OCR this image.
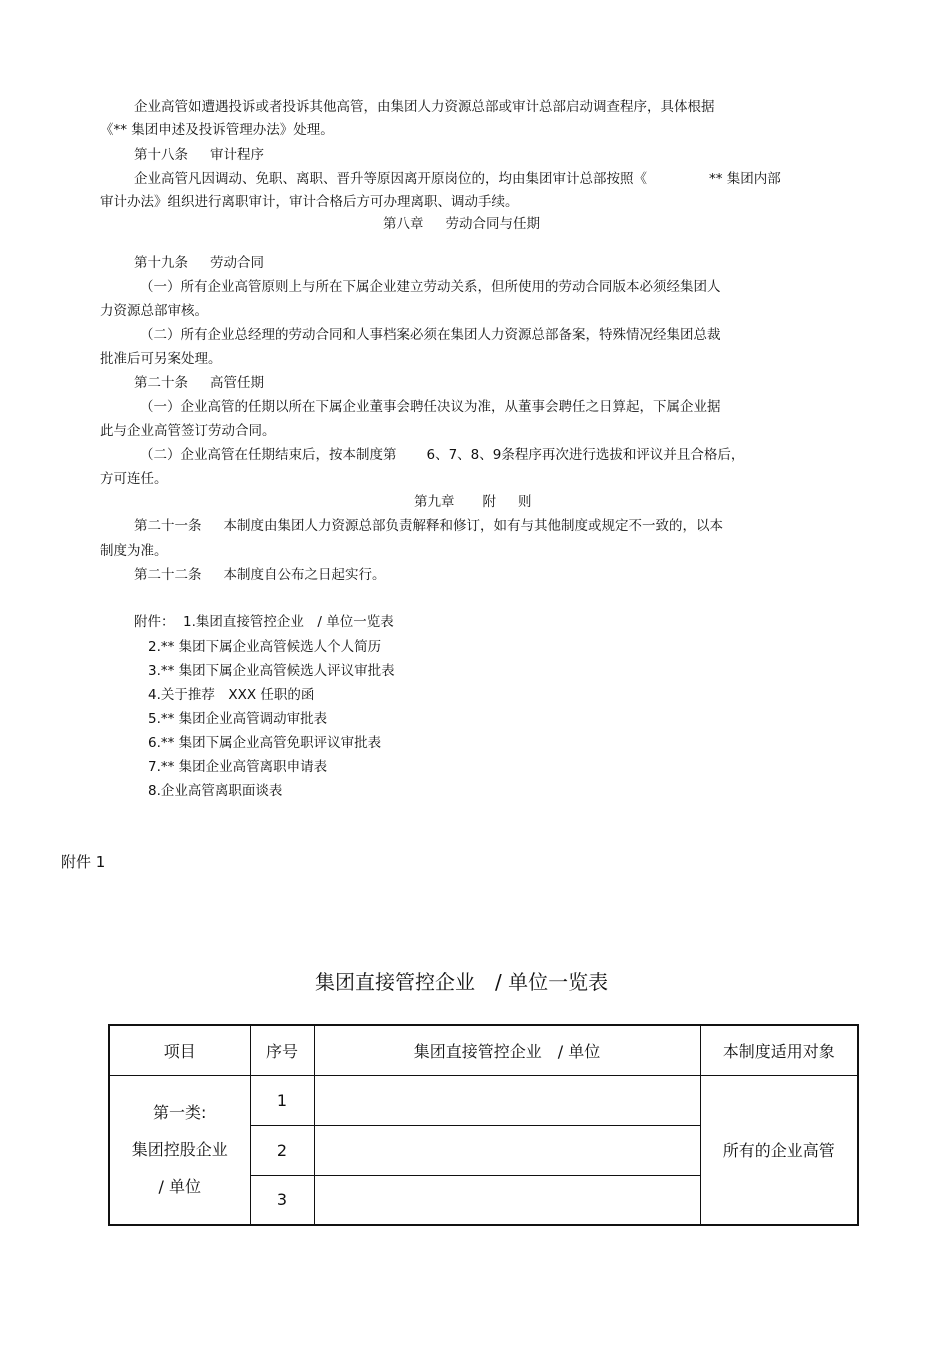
企业高管如遭遇投诉或者投诉其他高管，由集团人力资源总部或审计总部启动调查程序，具体根据
《** 集团申述及投诉管理办法》处理。
第十八条 审计程序
企业高管凡因调动、免职、离职、晋升等原因离开原岗位的，均由集团审计总部按照《	** 集团内部
审计办法》组织进行离职审计，审计合格后方可办理离职、调动手续。
第八章 劳动合同与任期
第十九条 劳动合同
（一）所有企业高管原则上与所在下属企业建立劳动关系，但所使用的劳动合同版本必须经集团人
力资源总部审核。
（二）所有企业总经理的劳动合同和人事档案必须在集团人力资源总部备案，特殊情况经集团总裁
批准后可另案处理。
第二十条 高管任期
（一）企业高管的任期以所在下属企业董事会聘任决议为准，从董事会聘任之日算起，下属企业据
此与企业高管签订劳动合同。
（二）企业高管在任期结束后，按本制度第 6、7、8、9条程序再次进行选拔和评议并且合格后，
方可连任。
第九章 附 则
第二十一条 本制度由集团人力资源总部负责解释和修订，如有与其他制度或规定不一致的，以本
制度为准。
第二十二条 本制度自公布之日起实行。
附件： 1.集团直接管控企业　/ 单位一览表
2.** 集团下属企业高管候选人个人简历
3.** 集团下属企业高管候选人评议审批表
4.关于推荐　XXX 任职的函
5.** 集团企业高管调动审批表
6.** 集团下属企业高管免职评议审批表
7.** 集团企业高管离职申请表
8.企业高管离职面谈表
附件 1
集团直接管控企业　/ 单位一览表
项目	序号	集团直接管控企业　/ 单位	本制度适用对象

第一类:
集团控股企业
/ 单位	1		所有的企业高管
	2		
	3		
